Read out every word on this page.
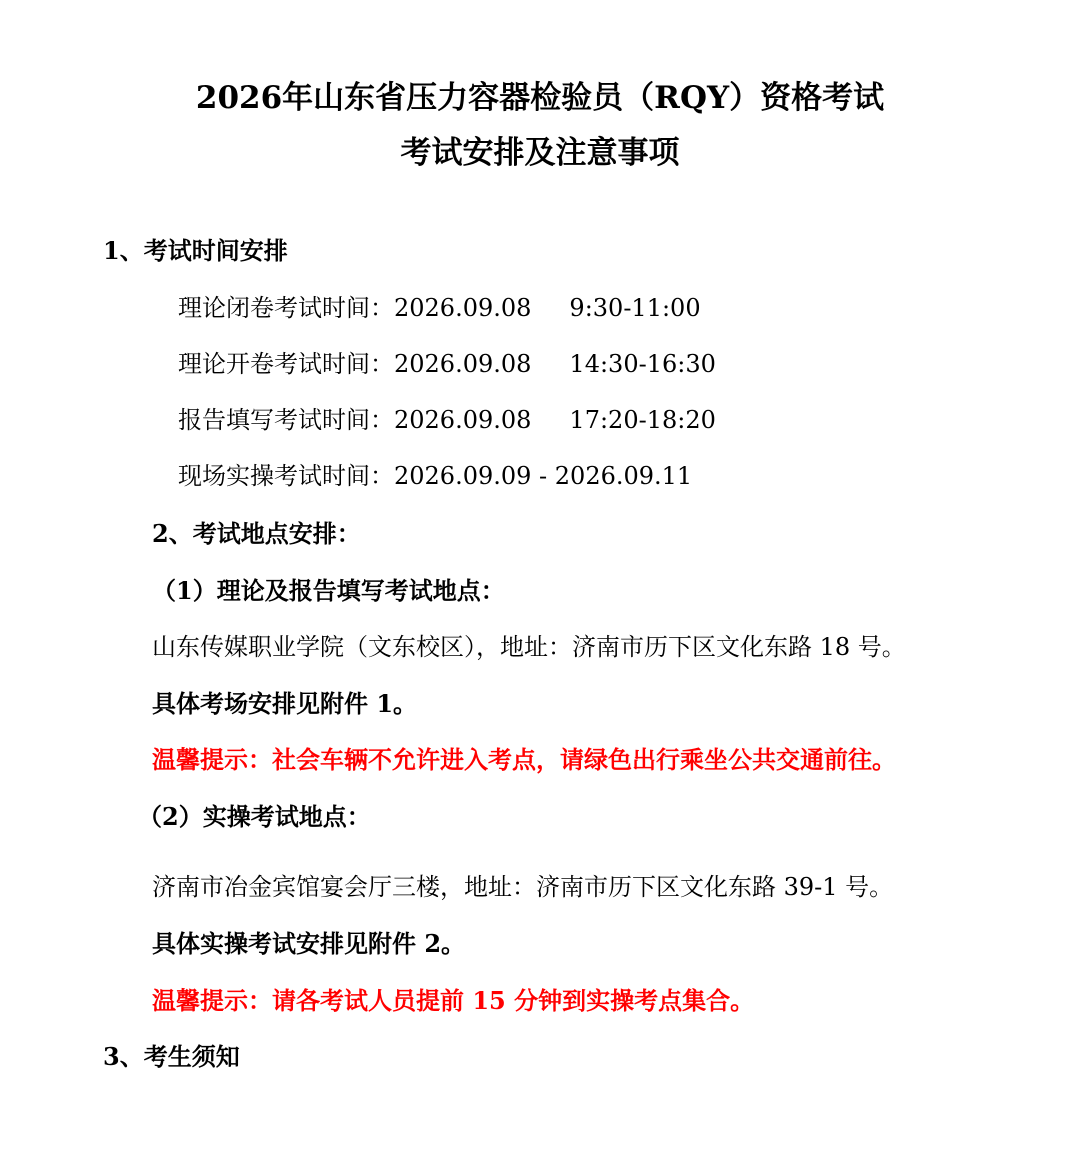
2026年山东省压力容器检验员（RQY）资格考试
考试安排及注意事项
1、考试时间安排
理论闭卷考试时间：2026.09.08 9:30-11:00
理论开卷考试时间：2026.09.08 14:30-16:30
报告填写考试时间：2026.09.08 17:20-18:20
现场实操考试时间：2026.09.09 - 2026.09.11
2、考试地点安排：
（1）理论及报告填写考试地点：
山东传媒职业学院（文东校区），地址：济南市历下区文化东路 18 号。
具体考场安排见附件 1。
温馨提示：社会车辆不允许进入考点，请绿色出行乘坐公共交通前往。
（2）实操考试地点：
济南市冶金宾馆宴会厅三楼，地址：济南市历下区文化东路 39-1 号。
具体实操考试安排见附件 2。
温馨提示：请各考试人员提前 15 分钟到实操考点集合。
3、考生须知
